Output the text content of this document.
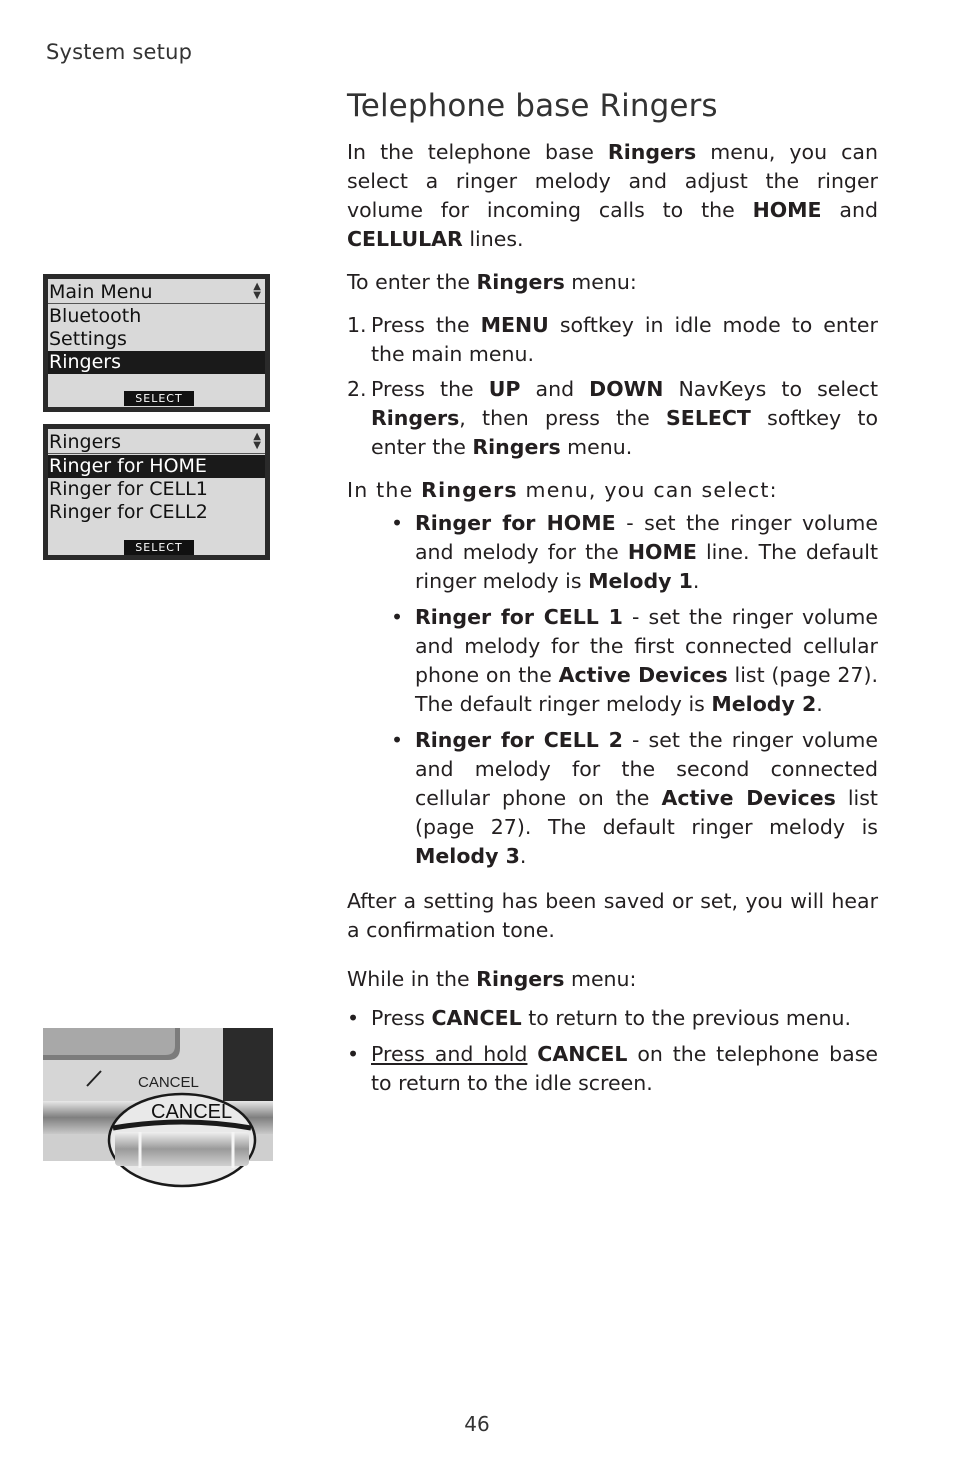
System setup
Telephone base Ringers
Main Menu	▲
▼
Bluetooth
Settings
Ringers
SELECT
Ringers	▲
▼
Ringer for HOME
Ringer for CELL1
Ringer for CELL2
SELECT
CANCEL
CANCEL

In the telephone base Ringers menu, you can select a ringer melody and adjust the ringer volume for incoming calls to the HOME and CELLULAR lines.

To enter the Ringers menu:

1. Press the MENU softkey in idle mode to enter the main menu.
2. Press the UP and DOWN NavKeys to select Ringers, then press the SELECT softkey to enter the Ringers menu.

In the Ringers menu, you can select:

• Ringer for HOME - set the ringer volume and melody for the HOME line. The default ringer melody is Melody 1.
• Ringer for CELL 1 - set the ringer volume and melody for the first connected cellular phone on the Active Devices list (page 27). The default ringer melody is Melody 2.
• Ringer for CELL 2 - set the ringer volume and melody for the second connected cellular phone on the Active Devices list (page 27). The default ringer melody is Melody 3.

After a setting has been saved or set, you will hear a confirmation tone.

While in the Ringers menu:

• Press CANCEL to return to the previous menu.
• Press and hold CANCEL on the telephone base to return to the idle screen.
46
